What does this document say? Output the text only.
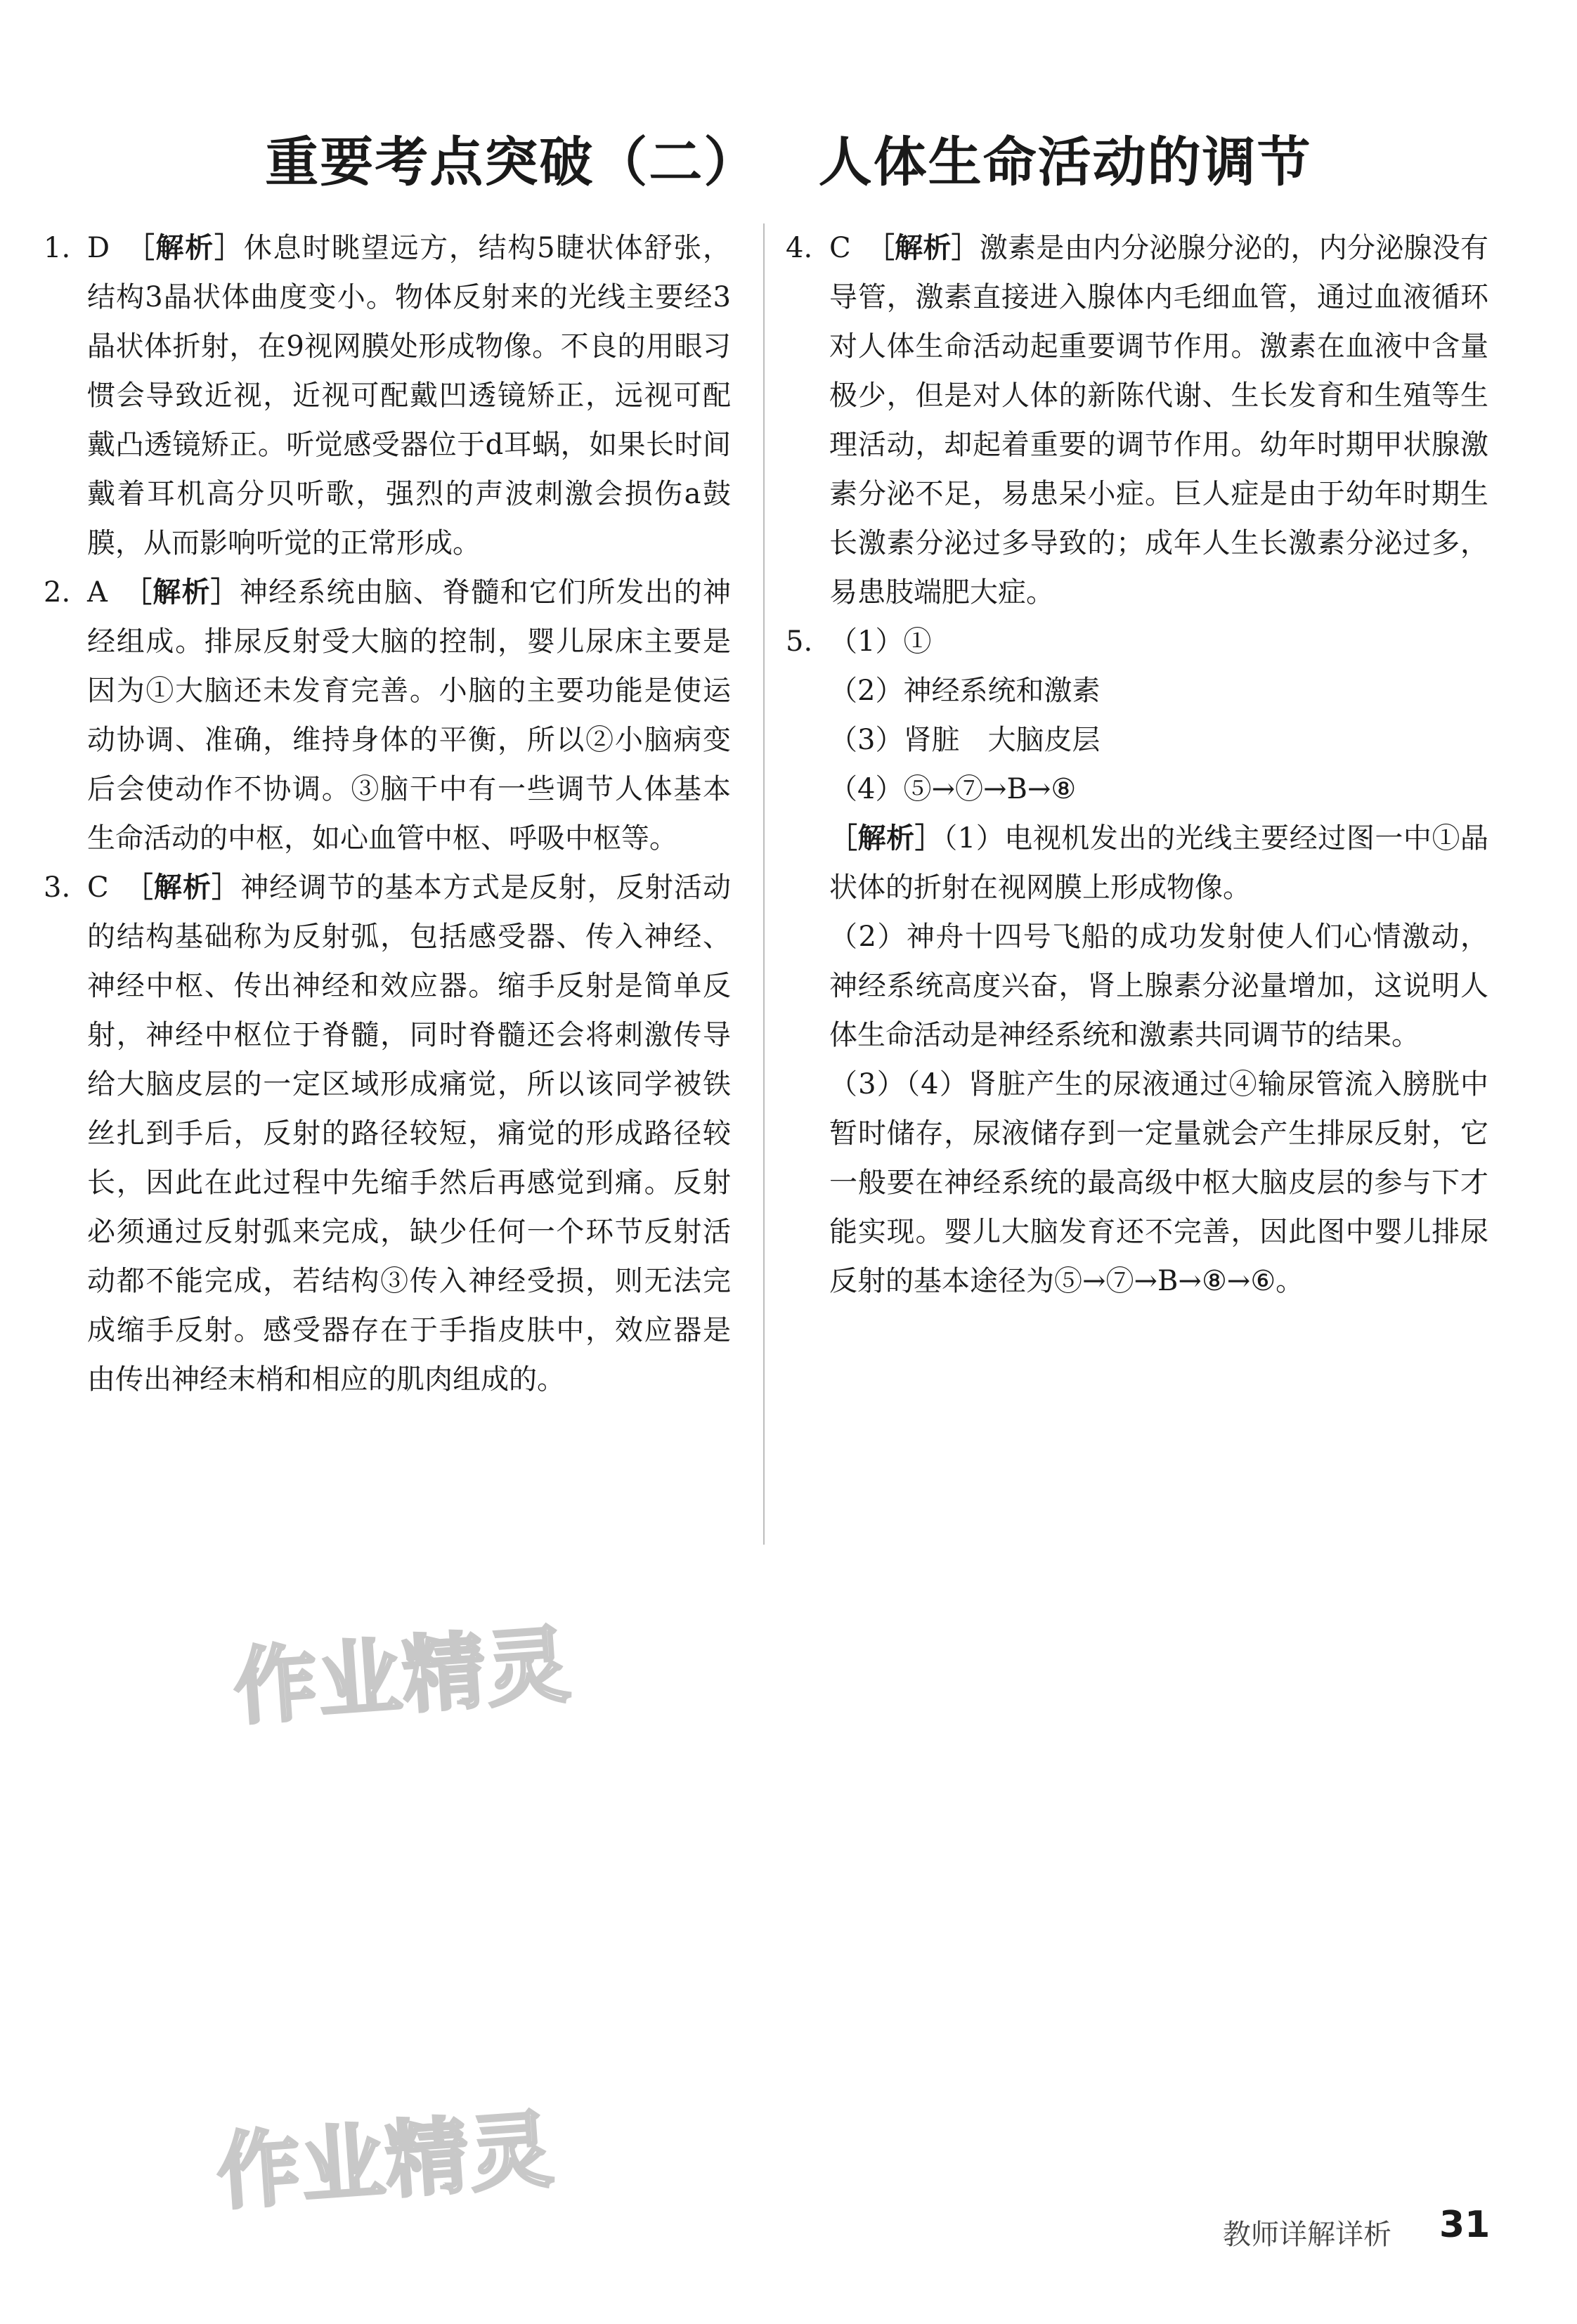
重要考点突破（二）   人体生命活动的调节
1. D ［解析］休息时眺望远方，结构5睫状体舒张，结构3晶状体曲度变小。物体反射来的光线主要经3晶状体折射，在9视网膜处形成物像。不良的用眼习惯会导致近视，近视可配戴凹透镜矫正，远视可配戴凸透镜矫正。听觉感受器位于d耳蜗，如果长时间戴着耳机高分贝听歌，强烈的声波刺激会损伤a鼓膜，从而影响听觉的正常形成。
2. A ［解析］神经系统由脑、脊髓和它们所发出的神经组成。排尿反射受大脑的控制，婴儿尿床主要是因为①大脑还未发育完善。小脑的主要功能是使运动协调、准确，维持身体的平衡，所以②小脑病变后会使动作不协调。③脑干中有一些调节人体基本生命活动的中枢，如心血管中枢、呼吸中枢等。
3. C ［解析］神经调节的基本方式是反射，反射活动的结构基础称为反射弧，包括感受器、传入神经、神经中枢、传出神经和效应器。缩手反射是简单反射，神经中枢位于脊髓，同时脊髓还会将刺激传导给大脑皮层的一定区域形成痛觉，所以该同学被铁丝扎到手后，反射的路径较短，痛觉的形成路径较长，因此在此过程中先缩手然后再感觉到痛。反射必须通过反射弧来完成，缺少任何一个环节反射活动都不能完成，若结构③传入神经受损，则无法完成缩手反射。感受器存在于手指皮肤中，效应器是由传出神经末梢和相应的肌肉组成的。
4. C ［解析］激素是由内分泌腺分泌的，内分泌腺没有导管，激素直接进入腺体内毛细血管，通过血液循环对人体生命活动起重要调节作用。激素在血液中含量极少，但是对人体的新陈代谢、生长发育和生殖等生理活动，却起着重要的调节作用。幼年时期甲状腺激素分泌不足，易患呆小症。巨人症是由于幼年时期生长激素分泌过多导致的；成年人生长激素分泌过多，易患肢端肥大症。
5. （1）①
（2）神经系统和激素
（3）肾脏　大脑皮层
（4）⑤→⑦→B→⑧
［解析］（1）电视机发出的光线主要经过图一中①晶状体的折射在视网膜上形成物像。
（2）神舟十四号飞船的成功发射使人们心情激动，神经系统高度兴奋，肾上腺素分泌量增加，这说明人体生命活动是神经系统和激素共同调节的结果。
（3）（4）肾脏产生的尿液通过④输尿管流入膀胱中暂时储存，尿液储存到一定量就会产生排尿反射，它一般要在神经系统的最高级中枢大脑皮层的参与下才能实现。婴儿大脑发育还不完善，因此图中婴儿排尿反射的基本途径为⑤→⑦→B→⑧→⑥。
作业精灵
作业精灵
教师详解详析 31
